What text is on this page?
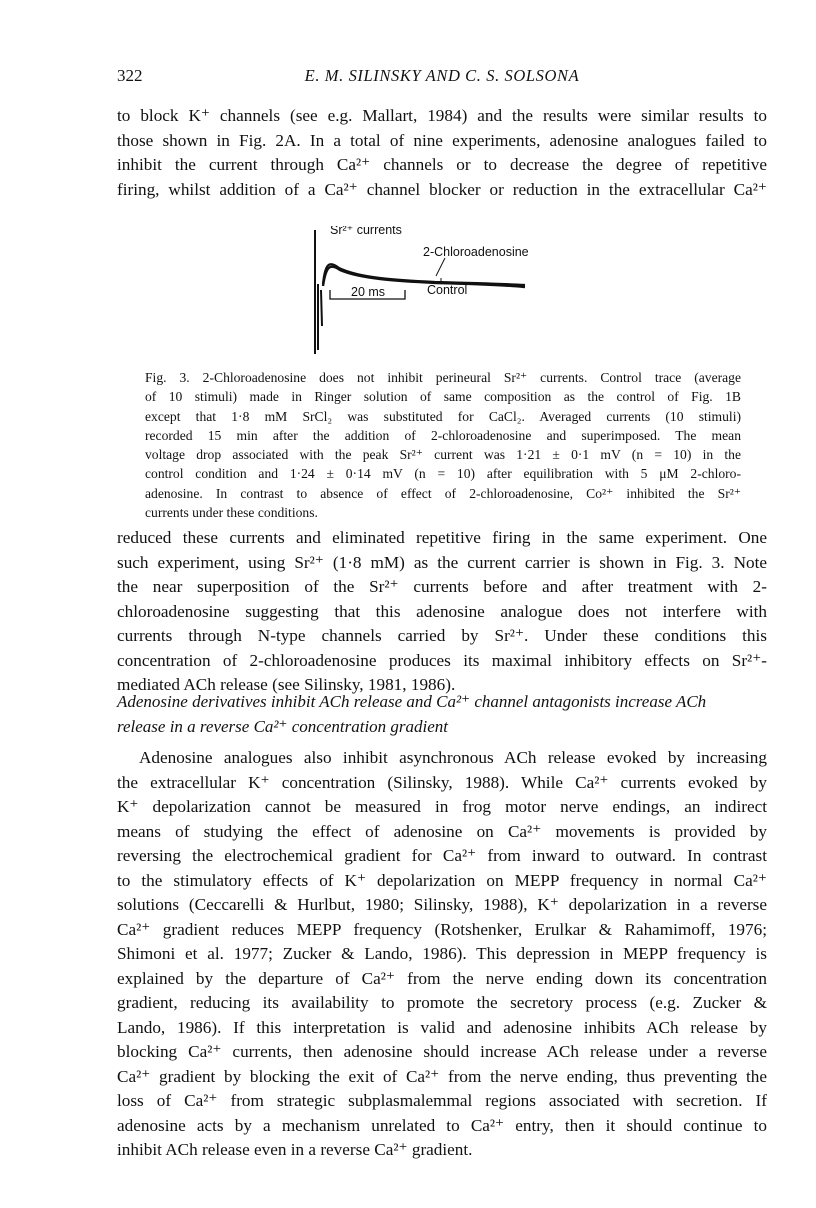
322	E. M. SILINSKY AND C. S. SOLSONA

to block K⁺ channels (see e.g. Mallart, 1984) and the results were similar results to
those shown in Fig. 2A. In a total of nine experiments, adenosine analogues failed to
inhibit the current through Ca²⁺ channels or to decrease the degree of repetitive
firing, whilst addition of a Ca²⁺ channel blocker or reduction in the extracellular Ca²⁺

Sr²⁺ currents
2-Chloroadenosine
Control
20 ms

Fig. 3. 2-Chloroadenosine does not inhibit perineural Sr²⁺ currents. Control trace (average
of 10 stimuli) made in Ringer solution of same composition as the control of Fig. 1B
except that 1·8 mM SrCl₂ was substituted for CaCl₂. Averaged currents (10 stimuli)
recorded 15 min after the addition of 2-chloroadenosine and superimposed. The mean
voltage drop associated with the peak Sr²⁺ current was 1·21 ± 0·1 mV (n = 10) in the
control condition and 1·24 ± 0·14 mV (n = 10) after equilibration with 5 μM 2-chloro-
adenosine. In contrast to absence of effect of 2-chloroadenosine, Co²⁺ inhibited the Sr²⁺
currents under these conditions.

reduced these currents and eliminated repetitive firing in the same experiment. One
such experiment, using Sr²⁺ (1·8 mM) as the current carrier is shown in Fig. 3. Note
the near superposition of the Sr²⁺ currents before and after treatment with 2-
chloroadenosine suggesting that this adenosine analogue does not interfere with
currents through N-type channels carried by Sr²⁺. Under these conditions this
concentration of 2-chloroadenosine produces its maximal inhibitory effects on Sr²⁺-
mediated ACh release (see Silinsky, 1981, 1986).

Adenosine derivatives inhibit ACh release and Ca²⁺ channel antagonists increase ACh
release in a reverse Ca²⁺ concentration gradient

Adenosine analogues also inhibit asynchronous ACh release evoked by increasing
the extracellular K⁺ concentration (Silinsky, 1988). While Ca²⁺ currents evoked by
K⁺ depolarization cannot be measured in frog motor nerve endings, an indirect
means of studying the effect of adenosine on Ca²⁺ movements is provided by
reversing the electrochemical gradient for Ca²⁺ from inward to outward. In contrast
to the stimulatory effects of K⁺ depolarization on MEPP frequency in normal Ca²⁺
solutions (Ceccarelli & Hurlbut, 1980; Silinsky, 1988), K⁺ depolarization in a reverse
Ca²⁺ gradient reduces MEPP frequency (Rotshenker, Erulkar & Rahamimoff, 1976;
Shimoni et al. 1977; Zucker & Lando, 1986). This depression in MEPP frequency is
explained by the departure of Ca²⁺ from the nerve ending down its concentration
gradient, reducing its availability to promote the secretory process (e.g. Zucker &
Lando, 1986). If this interpretation is valid and adenosine inhibits ACh release by
blocking Ca²⁺ currents, then adenosine should increase ACh release under a reverse
Ca²⁺ gradient by blocking the exit of Ca²⁺ from the nerve ending, thus preventing the
loss of Ca²⁺ from strategic subplasmalemmal regions associated with secretion. If
adenosine acts by a mechanism unrelated to Ca²⁺ entry, then it should continue to
inhibit ACh release even in a reverse Ca²⁺ gradient.
